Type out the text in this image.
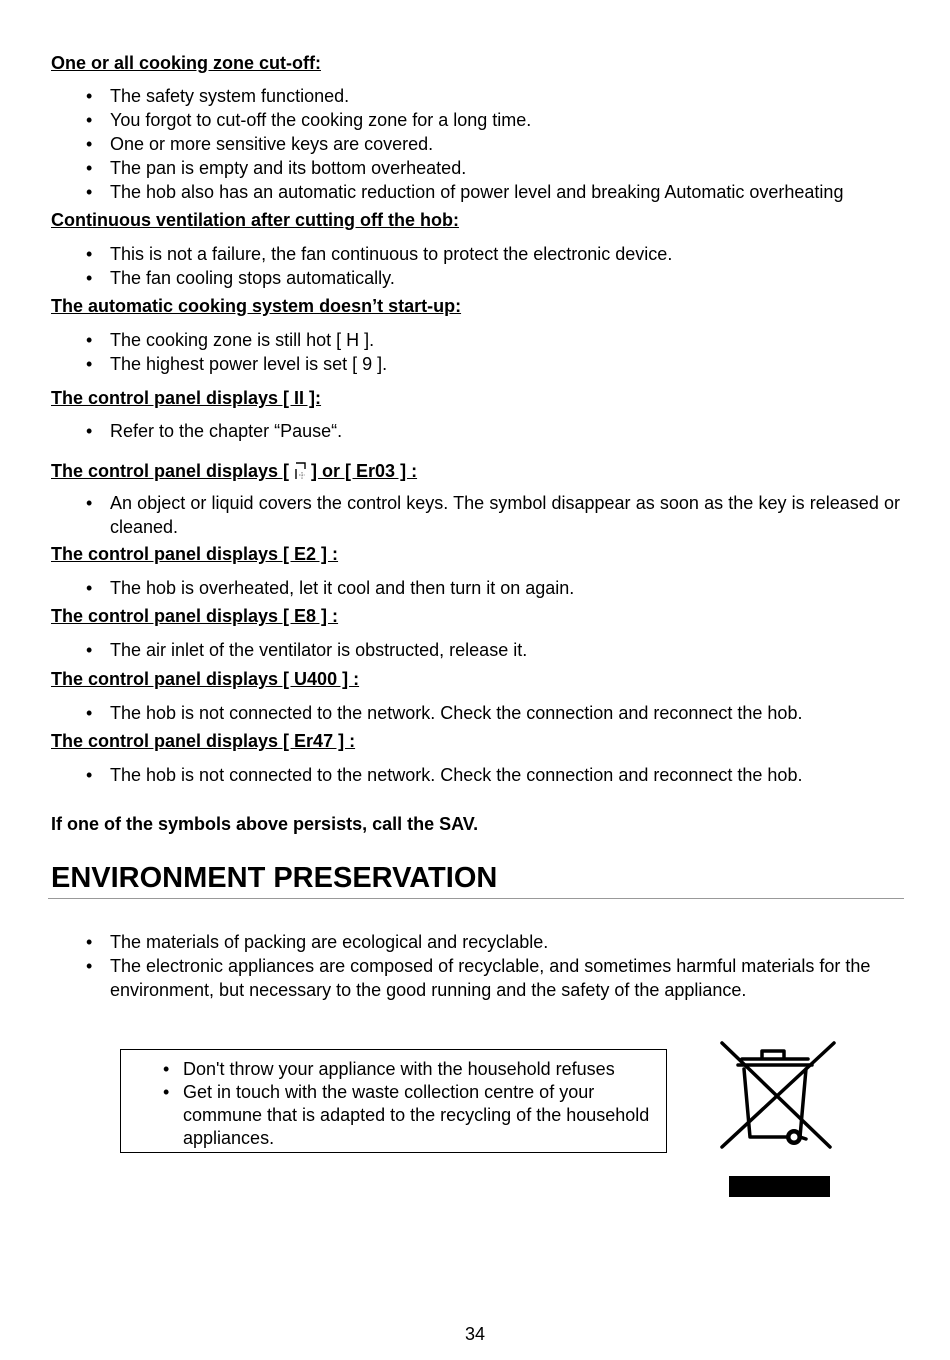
One or all cooking zone cut-off:

• The safety system functioned.
• You forgot to cut-off the cooking zone for a long time.
• One or more sensitive keys are covered.
• The pan is empty and its bottom overheated.
• The hob also has an automatic reduction of power level and breaking Automatic overheating

Continuous ventilation after cutting off the hob:

• This is not a failure, the fan continuous to protect the electronic device.
• The fan cooling stops automatically.

The automatic cooking system doesn’t start-up:

• The cooking zone is still hot [ H ].
• The highest power level is set [ 9 ].

The control panel displays [ II ]:

• Refer to the chapter “Pause“.

The control panel displays [ ] or [ Er03 ] :

• An object or liquid covers the control keys. The symbol disappear as soon as the key is released or cleaned.

The control panel displays [ E2 ] :

• The hob is overheated, let it cool and then turn it on again.

The control panel displays [ E8 ] :

• The air inlet of the ventilator is obstructed, release it.

The control panel displays [ U400 ] :

• The hob is not connected to the network. Check the connection and reconnect the hob.

The control panel displays [ Er47 ] :

• The hob is not connected to the network. Check the connection and reconnect the hob.

If one of the symbols above persists, call the SAV.

ENVIRONMENT PRESERVATION
• The materials of packing are ecological and recyclable.
• The electronic appliances are composed of recyclable, and sometimes harmful materials for the environment, but necessary to the good running and the safety of the appliance.
• Don't throw your appliance with the household refuses
• Get in touch with the waste collection centre of your commune that is adapted to the recycling of the household appliances.

34
